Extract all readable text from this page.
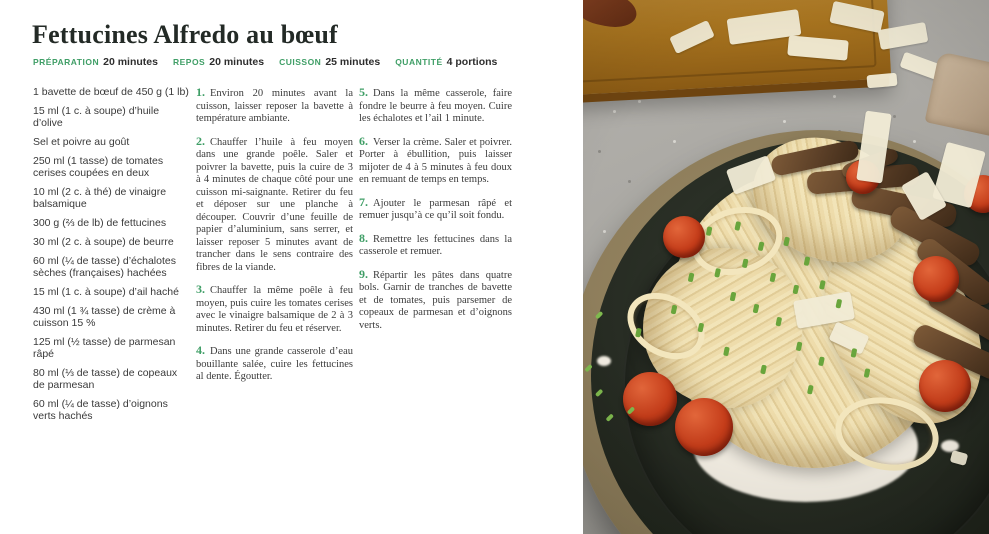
Fettucines Alfredo au bœuf
PRÉPARATION 20 minutes REPOS 20 minutes CUISSON 25 minutes QUANTITÉ 4 portions

1 bavette de bœuf de 450 g (1 lb)

15 ml (1 c. à soupe) d’huile d’olive

Sel et poivre au goût

250 ml (1 tasse) de tomates cerises coupées en deux

10 ml (2 c. à thé) de vinaigre balsamique

300 g (⅔ de lb) de fettucines

30 ml (2 c. à soupe) de beurre

60 ml (¼ de tasse) d’échalotes sèches (françaises) hachées

15 ml (1 c. à soupe) d’ail haché

430 ml (1 ¾ tasse) de crème à cuisson 15 %

125 ml (½ tasse) de parmesan râpé

80 ml (⅓ de tasse) de copeaux de parmesan

60 ml (¼ de tasse) d’oignons verts hachés

1. Environ 20 minutes avant la cuisson, laisser reposer la bavette à température ambiante.

2. Chauffer l’huile à feu moyen dans une grande poêle. Saler et poivrer la bavette, puis la cuire de 3 à 4 minutes de chaque côté pour une cuisson mi-saignante. Retirer du feu et déposer sur une planche à découper. Couvrir d’une feuille de papier d’aluminium, sans serrer, et laisser reposer 5 minutes avant de trancher dans le sens contraire des fibres de la viande.

3. Chauffer la même poêle à feu moyen, puis cuire les tomates cerises avec le vinaigre balsamique de 2 à 3 minutes. Retirer du feu et réserver.

4. Dans une grande casserole d’eau bouillante salée, cuire les fettucines al dente. Égoutter.

5. Dans la même casserole, faire fondre le beurre à feu moyen. Cuire les échalotes et l’ail 1 minute.

6. Verser la crème. Saler et poivrer. Porter à ébullition, puis laisser mijoter de 4 à 5 minutes à feu doux en remuant de temps en temps.

7. Ajouter le parmesan râpé et remuer jusqu’à ce qu’il soit fondu.

8. Remettre les fettucines dans la casserole et remuer.

9. Répartir les pâtes dans quatre bols. Garnir de tranches de bavette et de tomates, puis parsemer de copeaux de parmesan et d’oignons verts.
